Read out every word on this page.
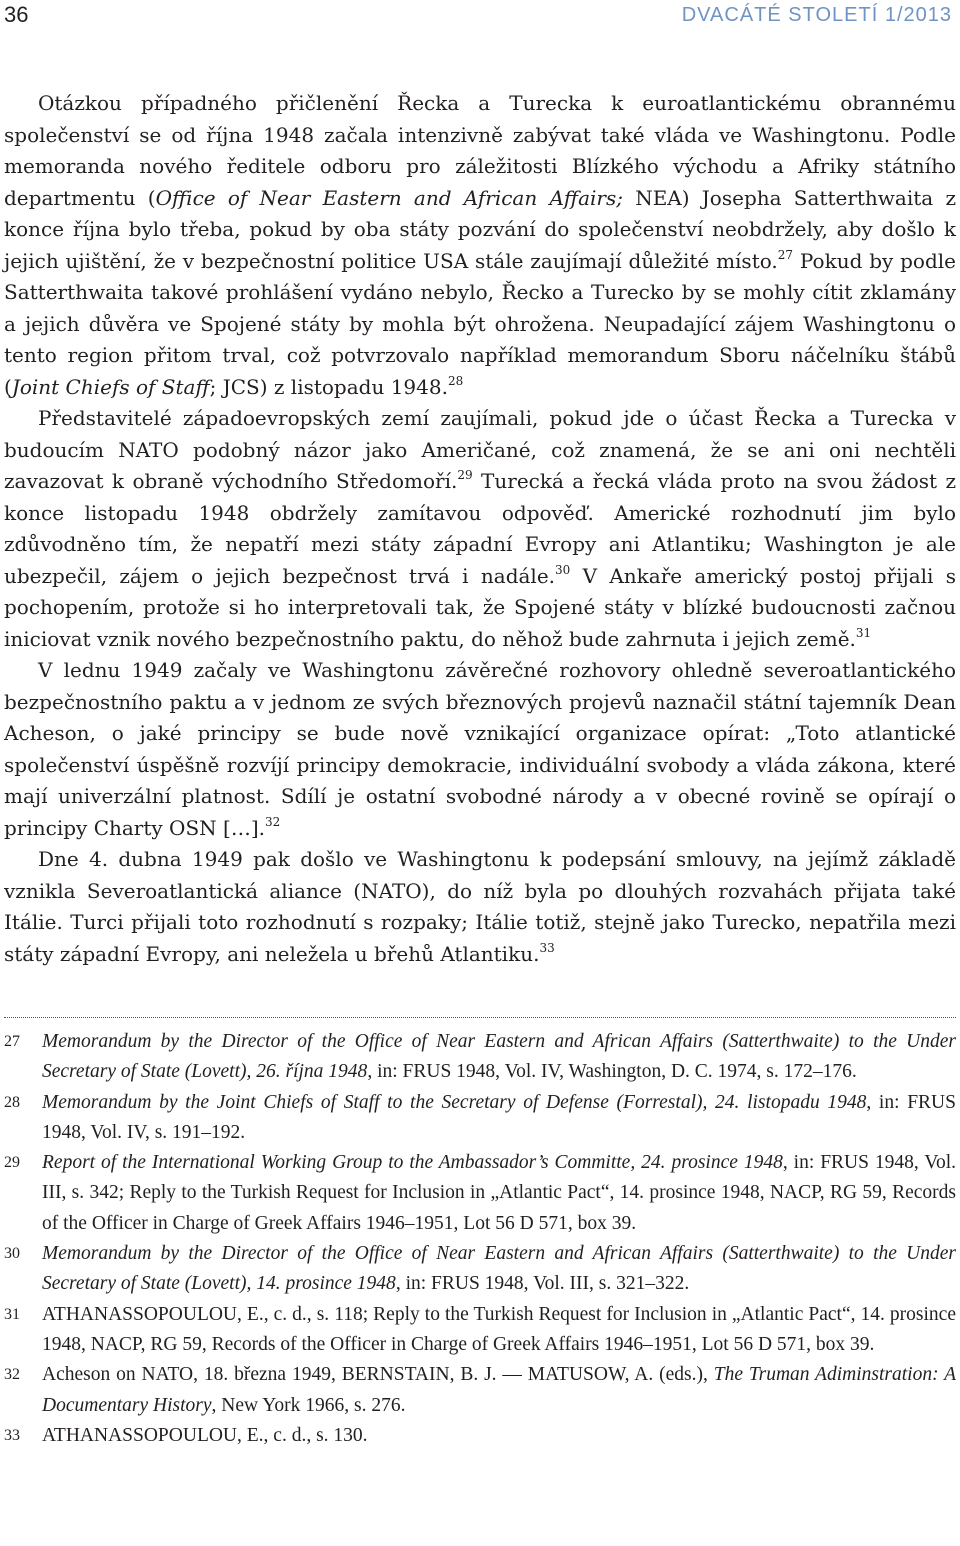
36	DVACÁTÉ STOLETÍ 1/2013

Otázkou případného přičlenění Řecka a Turecka k euroatlantickému obrannému společenství se od října 1948 začala intenzivně zabývat také vláda ve Washingtonu. Podle memoranda nového ředitele odboru pro záležitosti Blízkého východu a Afriky státního departmentu (Office of Near Eastern and African Affairs; NEA) Josepha Satterthwaita z konce října bylo třeba, pokud by oba státy pozvání do společenství neobdržely, aby došlo k jejich ujištění, že v bezpečnostní politice USA stále zaujímají důležité místo.$^{27}$ Pokud by podle Satterthwaita takové prohlášení vydáno nebylo, Řecko a Turecko by se mohly cítit zklamány a jejich důvěra ve Spojené státy by mohla být ohrožena. Neupadající zájem Washingtonu o tento region přitom trval, což potvrzovalo například memorandum Sboru náčelníku štábů (Joint Chiefs of Staff; JCS) z listopadu 1948.28

Představitelé západoevropských zemí zaujímali, pokud jde o účast Řecka a Turecka v budoucím NATO podobný názor jako Američané, což znamená, že se ani oni nechtěli zavazovat k obraně východního Středomoří.$^{29}$ Turecká a řecká vláda proto na svou žádost z konce listopadu 1948 obdržely zamítavou odpověď. Americké rozhodnutí jim bylo zdůvodněno tím, že nepatří mezi státy západní Evropy ani Atlantiku; Washington je ale ubezpečil, zájem o jejich bezpečnost trvá i nadále.$^{30}$ V Ankaře americký postoj přijali s pochopením, protože si ho interpretovali tak, že Spojené státy v blízké budoucnosti začnou iniciovat vznik nového bezpečnostního paktu, do něhož bude zahrnuta i jejich země.$^{31}$

V lednu 1949 začaly ve Washingtonu závěrečné rozhovory ohledně severoatlantického bezpečnostního paktu a v jednom ze svých březnových projevů naznačil státní tajemník Dean Acheson, o jaké principy se bude nově vznikající organizace opírat: „Toto atlantické společenství úspěšně rozvíjí principy demokracie, individuální svobody a vláda zákona, které mají univerzální platnost. Sdílí je ostatní svobodné národy a v obecné rovině se opírají o principy Charty OSN […].$^{32}$

Dne 4. dubna 1949 pak došlo ve Washingtonu k podepsání smlouvy, na jejímž základě vznikla Severoatlantická aliance (NATO), do níž byla po dlouhých rozvahách přijata také Itálie. Turci přijali toto rozhodnutí s rozpaky; Itálie totiž, stejně jako Turecko, nepatřila mezi státy západní Evropy, ani neležela u břehů Atlantiku.$^{33}$

27	Memorandum by the Director of the Office of Near Eastern and African Affairs (Satterthwaite) to the Under Secretary of State (Lovett), 26. října 1948, in: FRUS 1948, Vol. IV, Washington, D. C. 1974, s. 172–176.
28	Memorandum by the Joint Chiefs of Staff to the Secretary of Defense (Forrestal), 24. listopadu 1948, in: FRUS 1948, Vol. IV, s. 191–192.
29	Report of the International Working Group to the Ambassador’s Committe, 24. prosince 1948, in: FRUS 1948, Vol. III, s. 342; Reply to the Turkish Request for Inclusion in „Atlantic Pact“, 14. prosince 1948, NACP, RG 59, Records of the Officer in Charge of Greek Affairs 1946–1951, Lot 56 D 571, box 39.
30	Memorandum by the Director of the Office of Near Eastern and African Affairs (Satterthwaite) to the Under Secretary of State (Lovett), 14. prosince 1948, in: FRUS 1948, Vol. III, s. 321–322.
31	ATHANASSOPOULOU, E., c. d., s. 118; Reply to the Turkish Request for Inclusion in „Atlantic Pact“, 14. prosince 1948, NACP, RG 59, Records of the Officer in Charge of Greek Affairs 1946–1951, Lot 56 D 571, box 39.
32	Acheson on NATO, 18. března 1949, BERNSTAIN, B. J. — MATUSOW, A. (eds.), The Truman Adiminstration: A Documentary History, New York 1966, s. 276.
33	ATHANASSOPOULOU, E., c. d., s. 130.
